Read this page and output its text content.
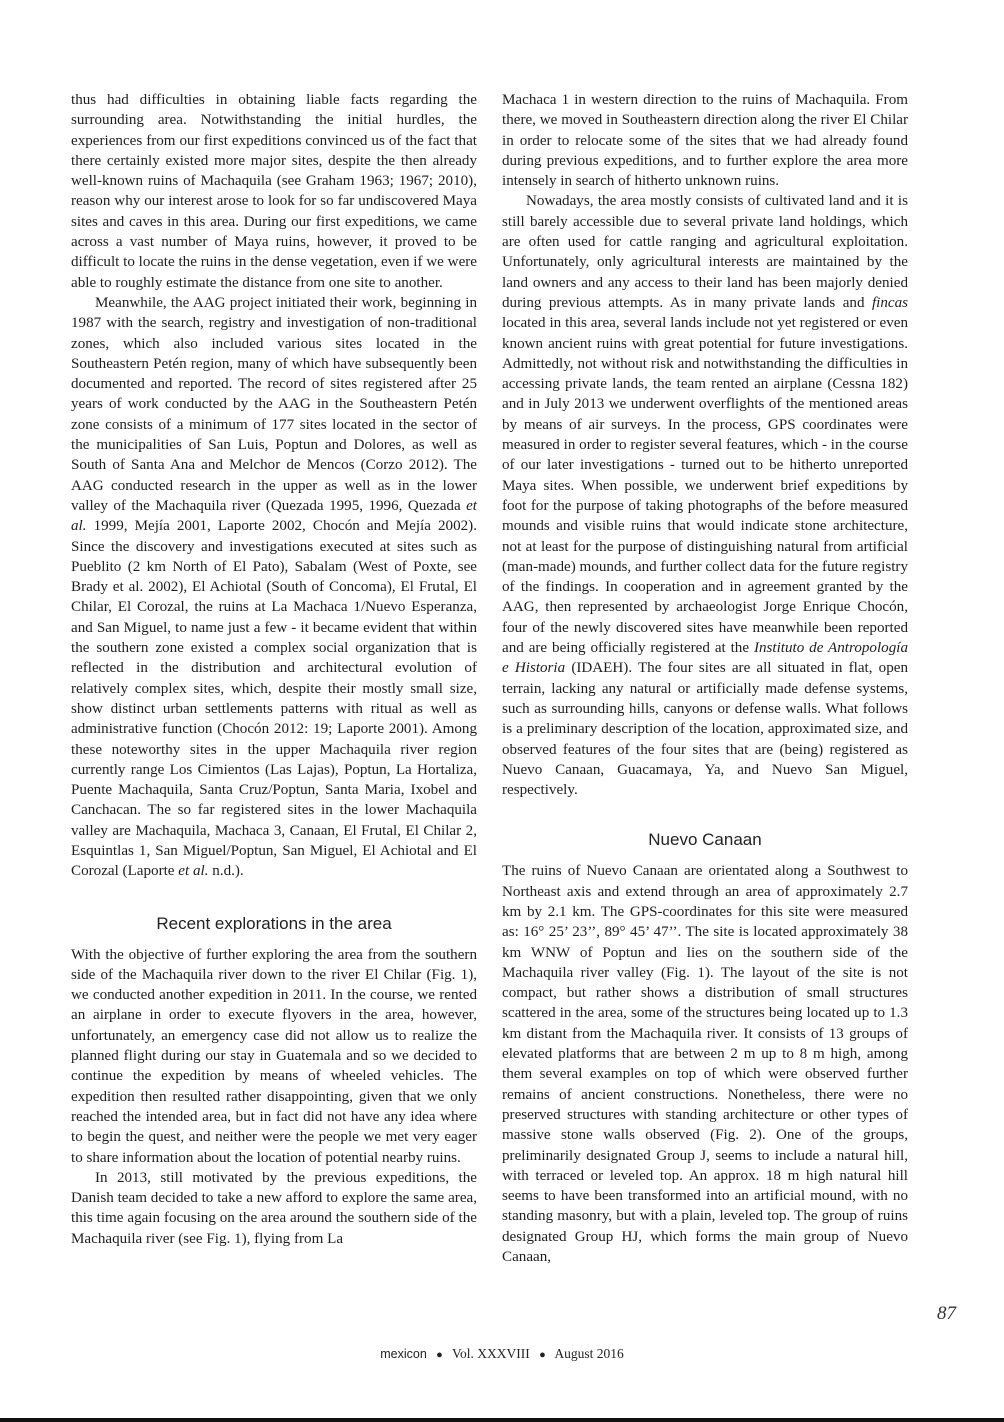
thus had difficulties in obtaining liable facts regarding the surrounding area. Notwithstanding the initial hurdles, the experiences from our first expeditions convinced us of the fact that there certainly existed more major sites, despite the then already well-known ruins of Machaquila (see Graham 1963; 1967; 2010), reason why our interest arose to look for so far undiscovered Maya sites and caves in this area. During our first expeditions, we came across a vast number of Maya ruins, however, it proved to be difficult to locate the ruins in the dense vegetation, even if we were able to roughly estimate the distance from one site to another.

Meanwhile, the AAG project initiated their work, beginning in 1987 with the search, registry and investigation of non-traditional zones, which also included various sites located in the Southeastern Petén region, many of which have subsequently been documented and reported. The record of sites registered after 25 years of work conducted by the AAG in the Southeastern Petén zone consists of a minimum of 177 sites located in the sector of the municipalities of San Luis, Poptun and Dolores, as well as South of Santa Ana and Melchor de Mencos (Corzo 2012). The AAG conducted research in the upper as well as in the lower valley of the Machaquila river (Quezada 1995, 1996, Quezada et al. 1999, Mejía 2001, Laporte 2002, Chocón and Mejía 2002). Since the discovery and investigations executed at sites such as Pueblito (2 km North of El Pato), Sabalam (West of Poxte, see Brady et al. 2002), El Achiotal (South of Concoma), El Frutal, El Chilar, El Corozal, the ruins at La Machaca 1/Nuevo Esperanza, and San Miguel, to name just a few - it became evident that within the southern zone existed a complex social organization that is reflected in the distribution and architectural evolution of relatively complex sites, which, despite their mostly small size, show distinct urban settlements patterns with ritual as well as administrative function (Chocón 2012: 19; Laporte 2001). Among these noteworthy sites in the upper Machaquila river region currently range Los Cimientos (Las Lajas), Poptun, La Hortaliza, Puente Machaquila, Santa Cruz/Poptun, Santa Maria, Ixobel and Canchacan. The so far registered sites in the lower Machaquila valley are Machaquila, Machaca 3, Canaan, El Frutal, El Chilar 2, Esquintlas 1, San Miguel/Poptun, San Miguel, El Achiotal and El Corozal (Laporte et al. n.d.).

Recent explorations in the area

With the objective of further exploring the area from the southern side of the Machaquila river down to the river El Chilar (Fig. 1), we conducted another expedition in 2011. In the course, we rented an airplane in order to execute flyovers in the area, however, unfortunately, an emergency case did not allow us to realize the planned flight during our stay in Guatemala and so we decided to continue the expedition by means of wheeled vehicles. The expedition then resulted rather disappointing, given that we only reached the intended area, but in fact did not have any idea where to begin the quest, and neither were the people we met very eager to share information about the location of potential nearby ruins.

In 2013, still motivated by the previous expeditions, the Danish team decided to take a new afford to explore the same area, this time again focusing on the area around the southern side of the Machaquila river (see Fig. 1), flying from La

Machaca 1 in western direction to the ruins of Machaquila. From there, we moved in Southeastern direction along the river El Chilar in order to relocate some of the sites that we had already found during previous expeditions, and to further explore the area more intensely in search of hitherto unknown ruins.

Nowadays, the area mostly consists of cultivated land and it is still barely accessible due to several private land holdings, which are often used for cattle ranging and agricultural exploitation. Unfortunately, only agricultural interests are maintained by the land owners and any access to their land has been majorly denied during previous attempts. As in many private lands and fincas located in this area, several lands include not yet registered or even known ancient ruins with great potential for future investigations. Admittedly, not without risk and notwithstanding the difficulties in accessing private lands, the team rented an airplane (Cessna 182) and in July 2013 we underwent overflights of the mentioned areas by means of air surveys. In the process, GPS coordinates were measured in order to register several features, which - in the course of our later investigations - turned out to be hitherto unreported Maya sites. When possible, we underwent brief expeditions by foot for the purpose of taking photographs of the before measured mounds and visible ruins that would indicate stone architecture, not at least for the purpose of distinguishing natural from artificial (man-made) mounds, and further collect data for the future registry of the findings. In cooperation and in agreement granted by the AAG, then represented by archaeologist Jorge Enrique Chocón, four of the newly discovered sites have meanwhile been reported and are being officially registered at the Instituto de Antropología e Historia (IDAEH). The four sites are all situated in flat, open terrain, lacking any natural or artificially made defense systems, such as surrounding hills, canyons or defense walls. What follows is a preliminary description of the location, approximated size, and observed features of the four sites that are (being) registered as Nuevo Canaan, Guacamaya, Ya, and Nuevo San Miguel, respectively.

Nuevo Canaan

The ruins of Nuevo Canaan are orientated along a Southwest to Northeast axis and extend through an area of approximately 2.7 km by 2.1 km. The GPS-coordinates for this site were measured as: 16° 25’ 23’’, 89° 45’ 47’’. The site is located approximately 38 km WNW of Poptun and lies on the southern side of the Machaquila river valley (Fig. 1). The layout of the site is not compact, but rather shows a distribution of small structures scattered in the area, some of the structures being located up to 1.3 km distant from the Machaquila river. It consists of 13 groups of elevated platforms that are between 2 m up to 8 m high, among them several examples on top of which were observed further remains of ancient constructions. Nonetheless, there were no preserved structures with standing architecture or other types of massive stone walls observed (Fig. 2). One of the groups, preliminarily designated Group J, seems to include a natural hill, with terraced or leveled top. An approx. 18 m high natural hill seems to have been transformed into an artificial mound, with no standing masonry, but with a plain, leveled top. The group of ruins designated Group HJ, which forms the main group of Nuevo Canaan,

87
mexicon ● Vol. XXXVIII ● August 2016
